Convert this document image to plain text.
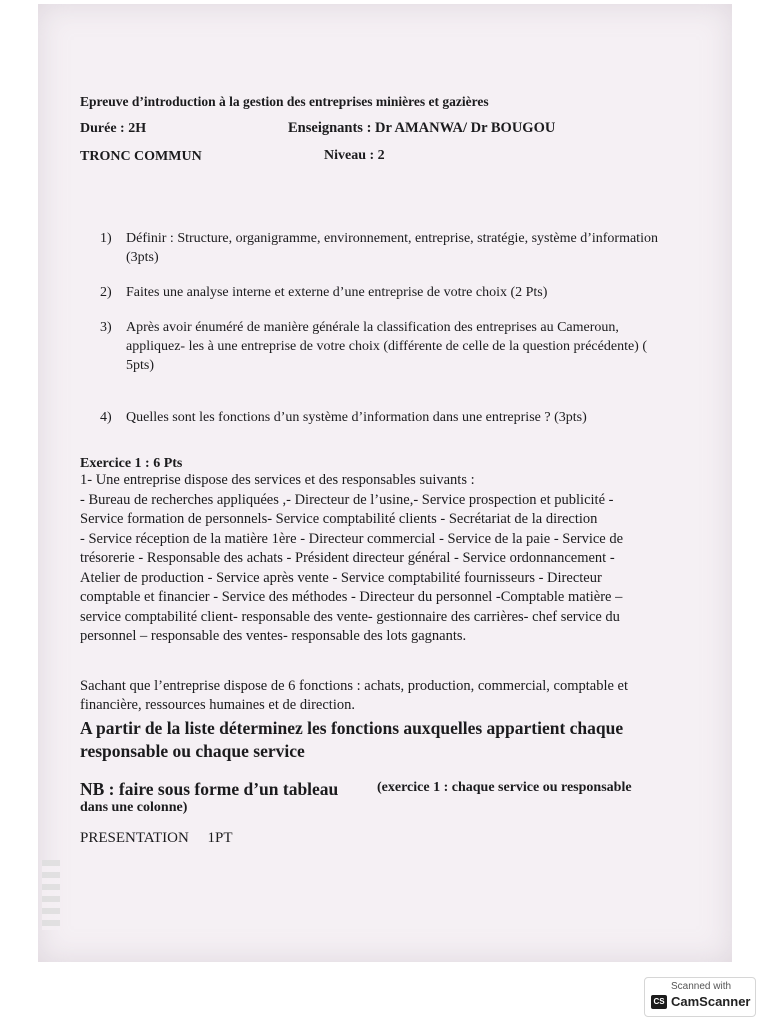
Epreuve d’introduction à la gestion des entreprises minières et gazières
Durée : 2H	Enseignants : Dr AMANWA/ Dr BOUGOU
TRONC COMMUN	Niveau : 2
1) Définir : Structure, organigramme, environnement, entreprise, stratégie, système d’information (3pts)
2) Faites une analyse interne et externe d’une entreprise de votre choix (2 Pts)
3) Après avoir énuméré de manière générale la classification des entreprises au Cameroun, appliquez- les à une entreprise de votre choix (différente de celle de la question précédente) ( 5pts)
4) Quelles sont les fonctions d’un système d’information dans une entreprise ? (3pts)
Exercice 1 : 6 Pts

1- Une entreprise dispose des services et des responsables suivants :

- Bureau de recherches appliquées ,- Directeur de l’usine,- Service prospection et publicité -

Service formation de personnels- Service comptabilité clients - Secrétariat de la direction

- Service réception de la matière 1ère - Directeur commercial - Service de la paie - Service de

trésorerie - Responsable des achats - Président directeur général - Service ordonnancement -

Atelier de production - Service après vente - Service comptabilité fournisseurs - Directeur

comptable et financier - Service des méthodes - Directeur du personnel -Comptable matière –

service comptabilité client- responsable des vente- gestionnaire des carrières- chef service du

personnel – responsable des ventes- responsable des lots gagnants.

Sachant que l’entreprise dispose de 6 fonctions : achats, production, commercial, comptable et
financière, ressources humaines et de direction.
A partir de la liste déterminez les fonctions auxquelles appartient chaque
responsable ou chaque service
NB : faire sous forme d’un tableau	(exercice 1 : chaque service ou responsable
dans une colonne)
PRESENTATION     1PT
Scanned with
CS CamScanner
